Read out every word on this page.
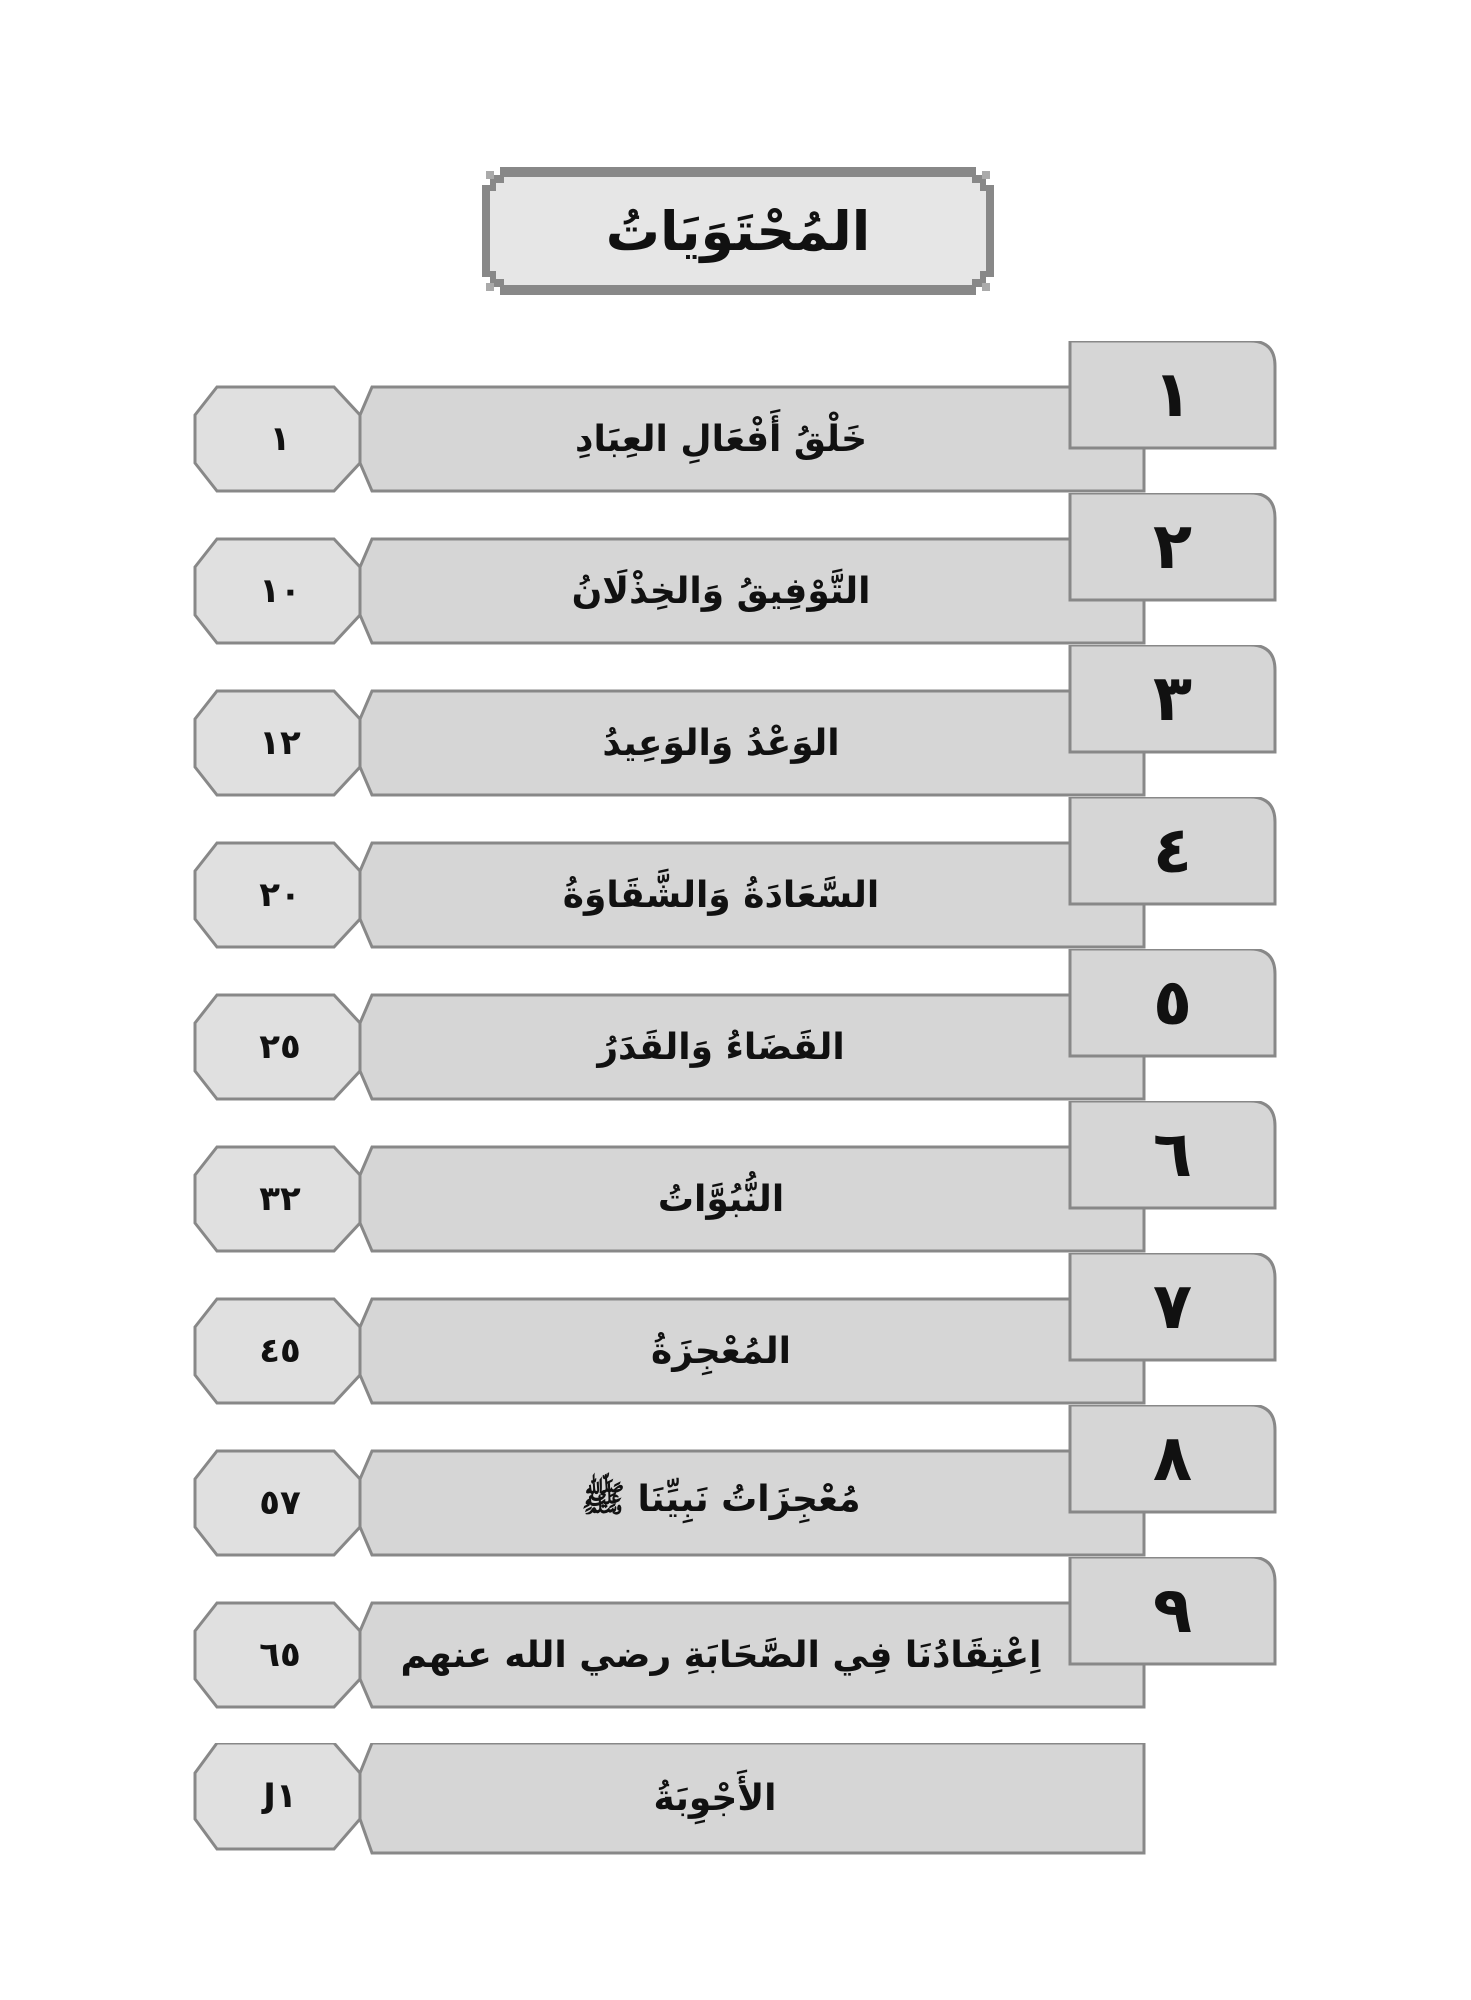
المُحْتَوَيَاتُ
١
خَلْقُ أَفْعَالِ العِبَادِ
١
٢
التَّوْفِيقُ وَالخِذْلَانُ
١٠
٣
الوَعْدُ وَالوَعِيدُ
١٢
٤
السَّعَادَةُ وَالشَّقَاوَةُ
٢٠
٥
القَضَاءُ وَالقَدَرُ
٢٥
٦
النُّبُوَّاتُ
٣٢
٧
المُعْجِزَةُ
٤٥
٨
مُعْجِزَاتُ نَبِيِّنَا ﷺ
٥٧
٩
اِعْتِقَادُنَا فِي الصَّحَابَةِ رضي الله عنهم
٦٥
الأَجْوِبَةُ
J١
